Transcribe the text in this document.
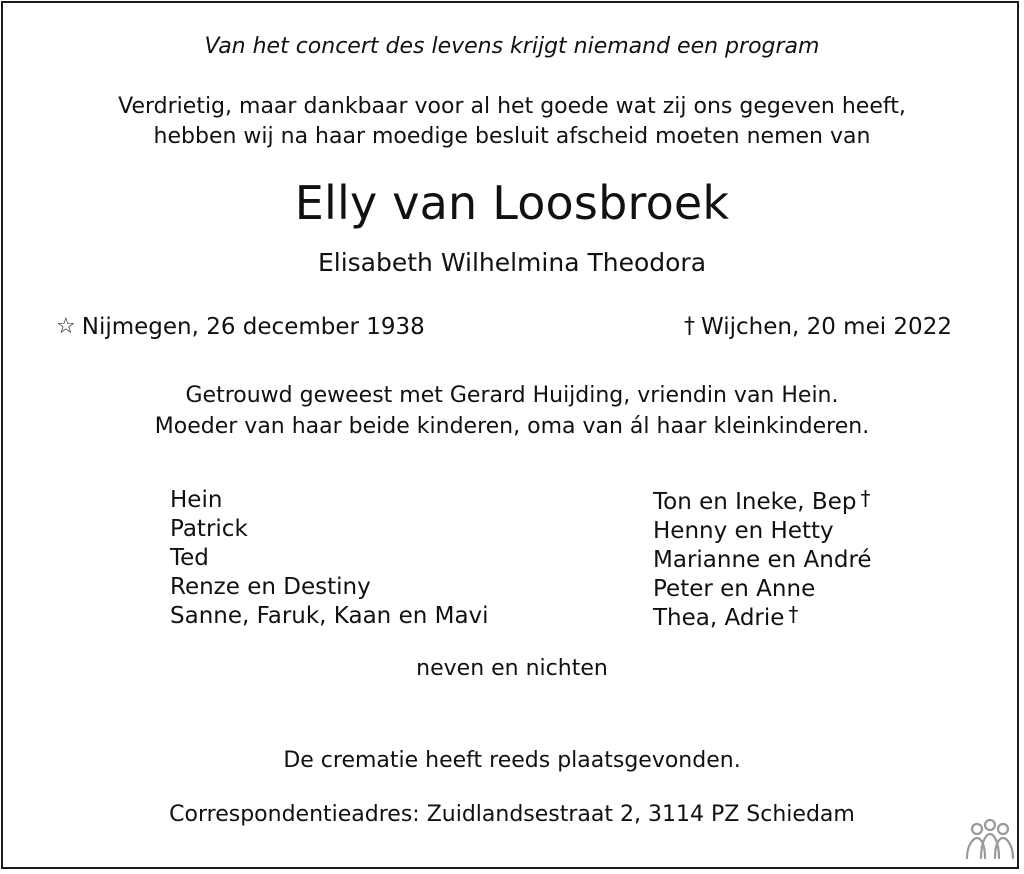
Van het concert des levens krijgt niemand een program
Verdrietig, maar dankbaar voor al het goede wat zij ons gegeven heeft,
hebben wij na haar moedige besluit afscheid moeten nemen van
Elly van Loosbroek
Elisabeth Wilhelmina Theodora
☆ Nijmegen, 26 december 1938	† Wijchen, 20 mei 2022
Getrouwd geweest met Gerard Huijding, vriendin van Hein.
Moeder van haar beide kinderen, oma van ál haar kleinkinderen.
Hein
Patrick
Ted
Renze en Destiny
Sanne, Faruk, Kaan en Mavi
Ton en Ineke, Bep †
Henny en Hetty
Marianne en André
Peter en Anne
Thea, Adrie †
neven en nichten
De crematie heeft reeds plaatsgevonden.
Correspondentieadres: Zuidlandsestraat 2, 3114 PZ Schiedam
